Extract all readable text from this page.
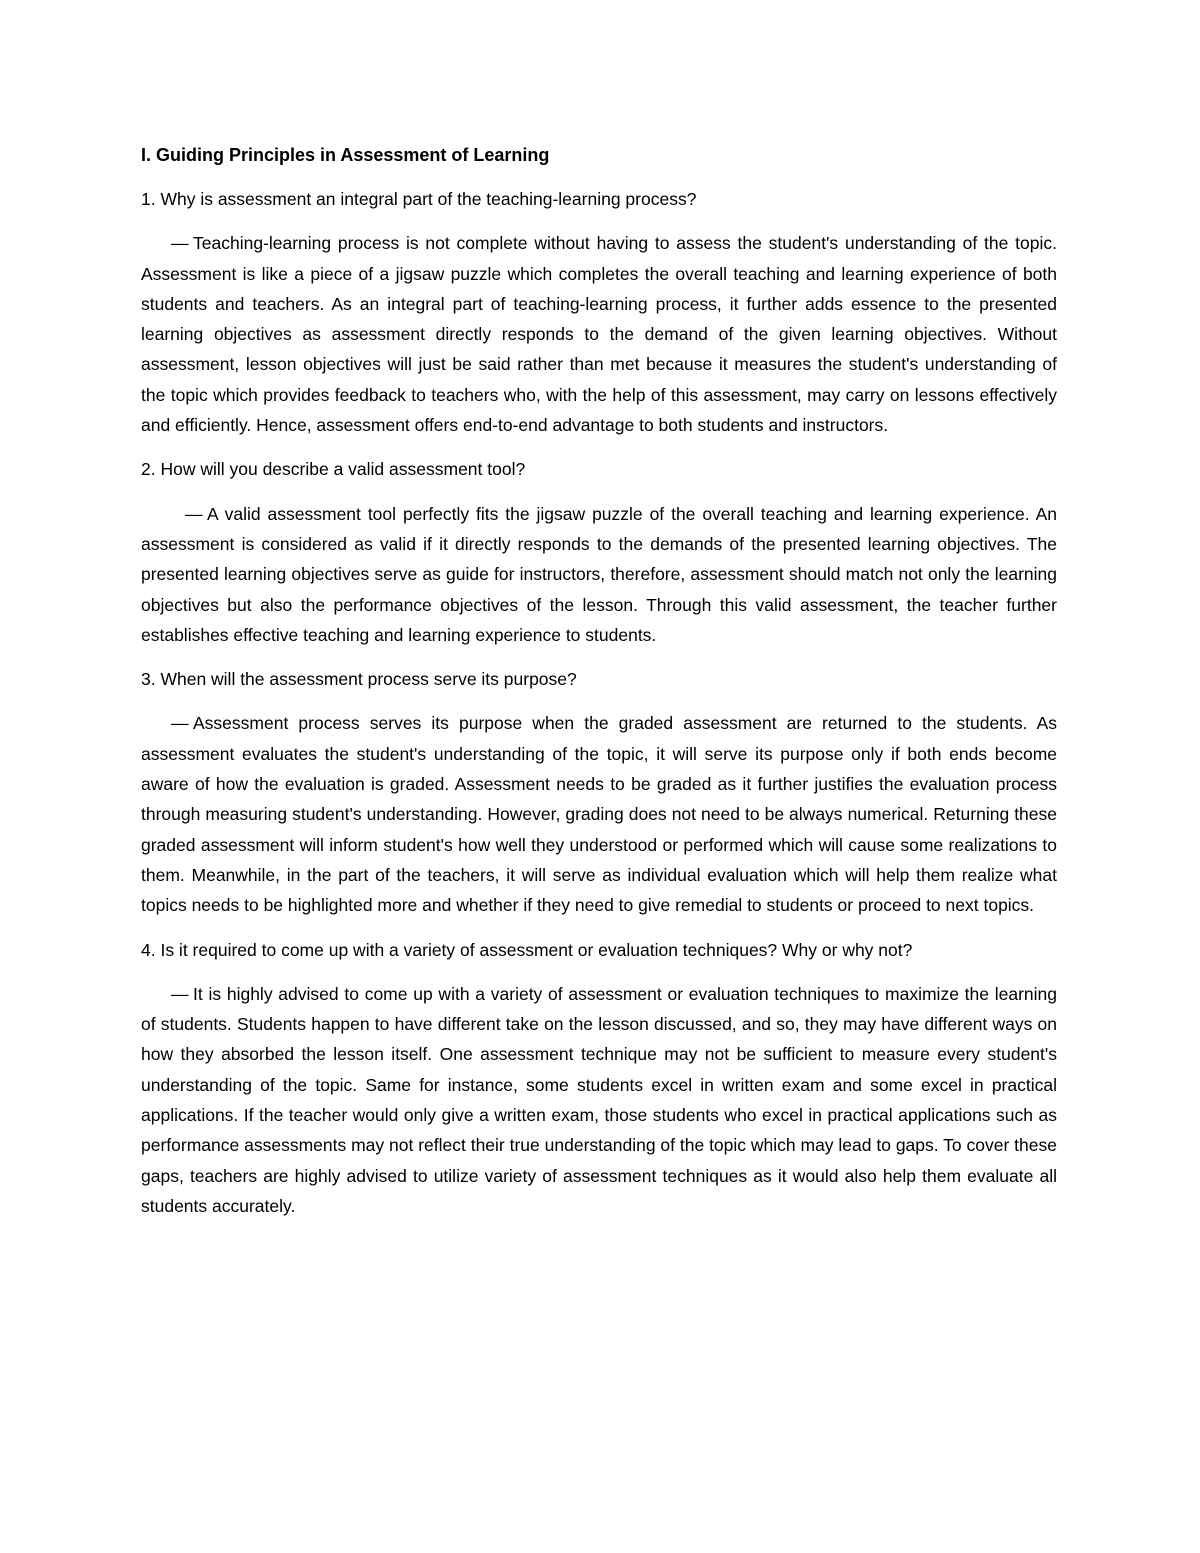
I. Guiding Principles in Assessment of Learning
1. Why is assessment an integral part of the teaching-learning process?
— Teaching-learning process is not complete without having to assess the student's understanding of the topic. Assessment is like a piece of a jigsaw puzzle which completes the overall teaching and learning experience of both students and teachers. As an integral part of teaching-learning process, it further adds essence to the presented learning objectives as assessment directly responds to the demand of the given learning objectives. Without assessment, lesson objectives will just be said rather than met because it measures the student's understanding of the topic which provides feedback to teachers who, with the help of this assessment, may carry on lessons effectively and efficiently. Hence, assessment offers end-to-end advantage to both students and instructors.
2. How will you describe a valid assessment tool?
— A valid assessment tool perfectly fits the jigsaw puzzle of the overall teaching and learning experience. An assessment is considered as valid if it directly responds to the demands of the presented learning objectives. The presented learning objectives serve as guide for instructors, therefore, assessment should match not only the learning objectives but also the performance objectives of the lesson. Through this valid assessment, the teacher further establishes effective teaching and learning experience to students.
3. When will the assessment process serve its purpose?
— Assessment process serves its purpose when the graded assessment are returned to the students. As assessment evaluates the student's understanding of the topic, it will serve its purpose only if both ends become aware of how the evaluation is graded. Assessment needs to be graded as it further justifies the evaluation process through measuring student's understanding. However, grading does not need to be always numerical. Returning these graded assessment will inform student's how well they understood or performed which will cause some realizations to them. Meanwhile, in the part of the teachers, it will serve as individual evaluation which will help them realize what topics needs to be highlighted more and whether if they need to give remedial to students or proceed to next topics.
4. Is it required to come up with a variety of assessment or evaluation techniques? Why or why not?
— It is highly advised to come up with a variety of assessment or evaluation techniques to maximize the learning of students. Students happen to have different take on the lesson discussed, and so, they may have different ways on how they absorbed the lesson itself. One assessment technique may not be sufficient to measure every student's understanding of the topic. Same for instance, some students excel in written exam and some excel in practical applications. If the teacher would only give a written exam, those students who excel in practical applications such as performance assessments may not reflect their true understanding of the topic which may lead to gaps. To cover these gaps, teachers are highly advised to utilize variety of assessment techniques as it would also help them evaluate all students accurately.
